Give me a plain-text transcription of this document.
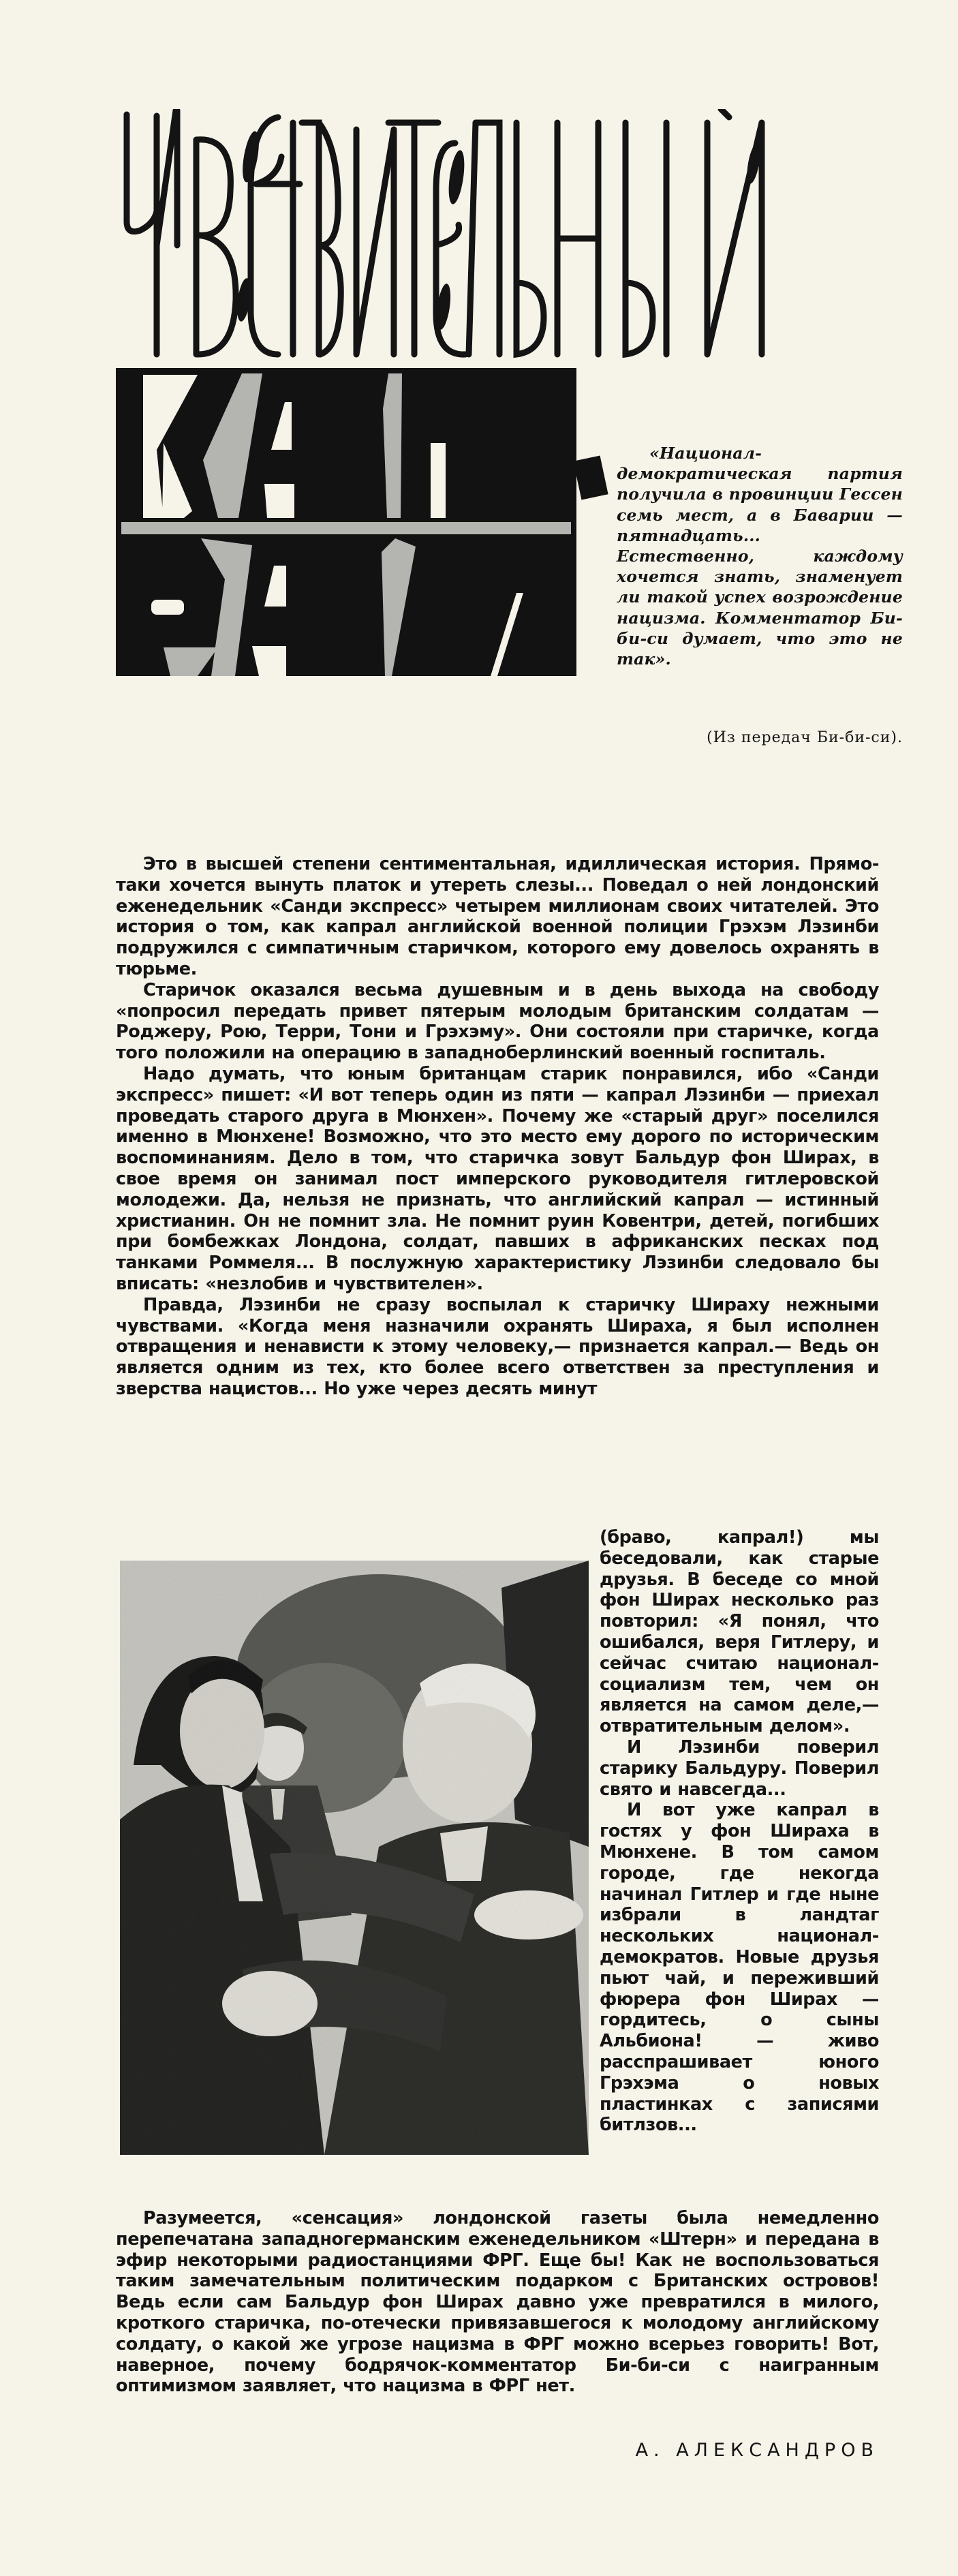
«Национал-демократическая партия получила в провинции Гессен семь мест, а в Баварии — пятнадцать... Естественно, каждому хочется знать, знаменует ли такой успех возрождение нацизма. Комментатор Би-би-си думает, что это не так».
(Из передач Би-би-си).

Это в высшей степени сентиментальная, идиллическая история. Прямо-таки хочется вынуть платок и утереть слезы... Поведал о ней лондонский еженедельник «Санди экспресс» четырем миллионам своих читателей. Это история о том, как капрал английской военной полиции Грэхэм Лэзинби подружился с симпатичным старичком, которого ему довелось охранять в тюрьме.

Старичок оказался весьма душевным и в день выхода на свободу «попросил передать привет пятерым молодым британским солдатам — Роджеру, Рою, Терри, Тони и Грэхэму». Они состояли при старичке, когда того положили на операцию в западноберлинский военный госпиталь.

Надо думать, что юным британцам старик понравился, ибо «Санди экспресс» пишет: «И вот теперь один из пяти — капрал Лэзинби — приехал проведать старого друга в Мюнхен». Почему же «старый друг» поселился именно в Мюнхене! Возможно, что это место ему дорого по историческим воспоминаниям. Дело в том, что старичка зовут Бальдур фон Ширах, в свое время он занимал пост имперского руководителя гитлеровской молодежи. Да, нельзя не признать, что английский капрал — истинный христианин. Он не помнит зла. Не помнит руин Ковентри, детей, погибших при бомбежках Лондона, солдат, павших в африканских песках под танками Роммеля... В послужную характеристику Лэзинби следовало бы вписать: «незлобив и чувствителен».

Правда, Лэзинби не сразу воспылал к старичку Шираху нежными чувствами. «Когда меня назначили охранять Шираха, я был исполнен отвращения и ненависти к этому человеку,— признается капрал.— Ведь он является одним из тех, кто более всего ответствен за преступления и зверства нацистов... Но уже через десять минут

(браво, капрал!) мы беседовали, как старые друзья. В беседе со мной фон Ширах несколько раз повторил: «Я понял, что ошибался, веря Гитлеру, и сейчас считаю национал-социализм тем, чем он является на самом деле,— отвратительным делом».

И Лэзинби поверил старику Бальдуру. Поверил свято и навсегда...

И вот уже капрал в гостях у фон Шираха в Мюнхене. В том самом городе, где некогда начинал Гитлер и где ныне избрали в ландтаг нескольких национал-демократов. Новые друзья пьют чай, и переживший фюрера фон Ширах — гордитесь, о сыны Альбиона! — живо расспрашивает юного Грэхэма о новых пластинках с записями битлзов...

Разумеется, «сенсация» лондонской газеты была немедленно перепечатана западногерманским еженедельником «Штерн» и передана в эфир некоторыми радиостанциями ФРГ. Еще бы! Как не воспользоваться таким замечательным политическим подарком с Британских островов! Ведь если сам Бальдур фон Ширах давно уже превратился в милого, кроткого старичка, по-отечески привязавшегося к молодому английскому солдату, о какой же угрозе нацизма в ФРГ можно всерьез говорить! Вот, наверное, почему бодрячок-комментатор Би-би-си с наигранным оптимизмом заявляет, что нацизма в ФРГ нет.

А. АЛЕКСАНДРОВ
